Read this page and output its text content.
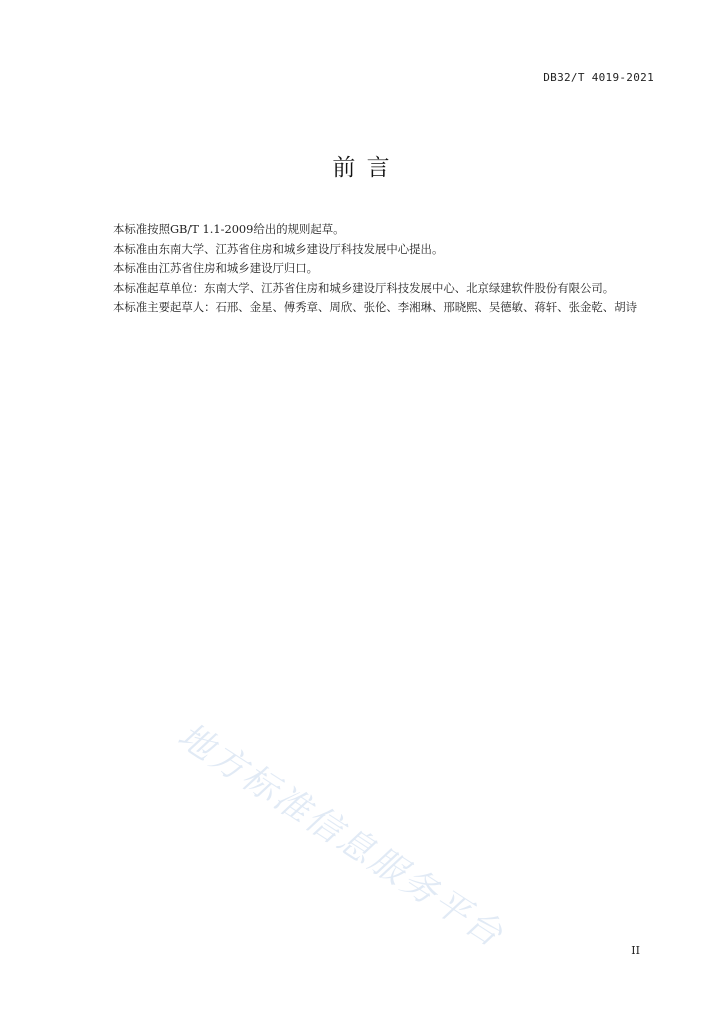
DB32/T 4019-2021
前 言

本标准按照GB/T 1.1-2009给出的规则起草。

本标准由东南大学、江苏省住房和城乡建设厅科技发展中心提出。

本标准由江苏省住房和城乡建设厅归口。

本标准起草单位：东南大学、江苏省住房和城乡建设厅科技发展中心、北京绿建软件股份有限公司。

本标准主要起草人：石邢、金星、傅秀章、周欣、张伦、李湘琳、邢晓熙、吴德敏、蒋轩、张金乾、胡诗

地方标准信息服务平台	II
